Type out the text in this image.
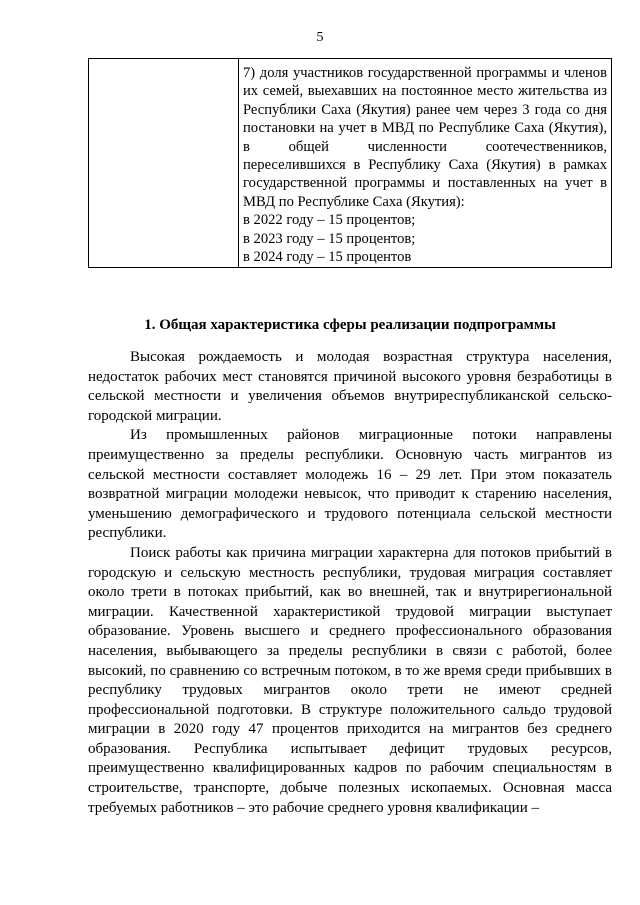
5

7) доля участников государственной программы и членов их семей, выехавших на постоянное место жительства из Республики Саха (Якутия) ранее чем через 3 года со дня постановки на учет в МВД по Республике Саха (Якутия), в общей численности соотечественников, переселившихся в Республику Саха (Якутия) в рамках государственной программы и поставленных на учет в МВД по Республике Саха (Якутия):
в 2022 году – 15 процентов;
в 2023 году – 15 процентов;
в 2024 году – 15 процентов
1. Общая характеристика сферы реализации подпрограммы

Высокая рождаемость и молодая возрастная структура населения, недостаток рабочих мест становятся причиной высокого уровня безработицы в сельской местности и увеличения объемов внутриреспубликанской сельско-городской миграции.

Из промышленных районов миграционные потоки направлены преимущественно за пределы республики. Основную часть мигрантов из сельской местности составляет молодежь 16 – 29 лет. При этом показатель возвратной миграции молодежи невысок, что приводит к старению населения, уменьшению демографического и трудового потенциала сельской местности республики.

Поиск работы как причина миграции характерна для потоков прибытий в городскую и сельскую местность республики, трудовая миграция составляет около трети в потоках прибытий, как во внешней, так и внутрирегиональной миграции. Качественной характеристикой трудовой миграции выступает образование. Уровень высшего и среднего профессионального образования населения, выбывающего за пределы республики в связи с работой, более высокий, по сравнению со встречным потоком, в то же время среди прибывших в республику трудовых мигрантов около трети не имеют средней профессиональной подготовки. В структуре положительного сальдо трудовой миграции в 2020 году 47 процентов приходится на мигрантов без среднего образования. Республика испытывает дефицит трудовых ресурсов, преимущественно квалифицированных кадров по рабочим специальностям в строительстве, транспорте, добыче полезных ископаемых. Основная масса требуемых работников – это рабочие среднего уровня квалификации –
